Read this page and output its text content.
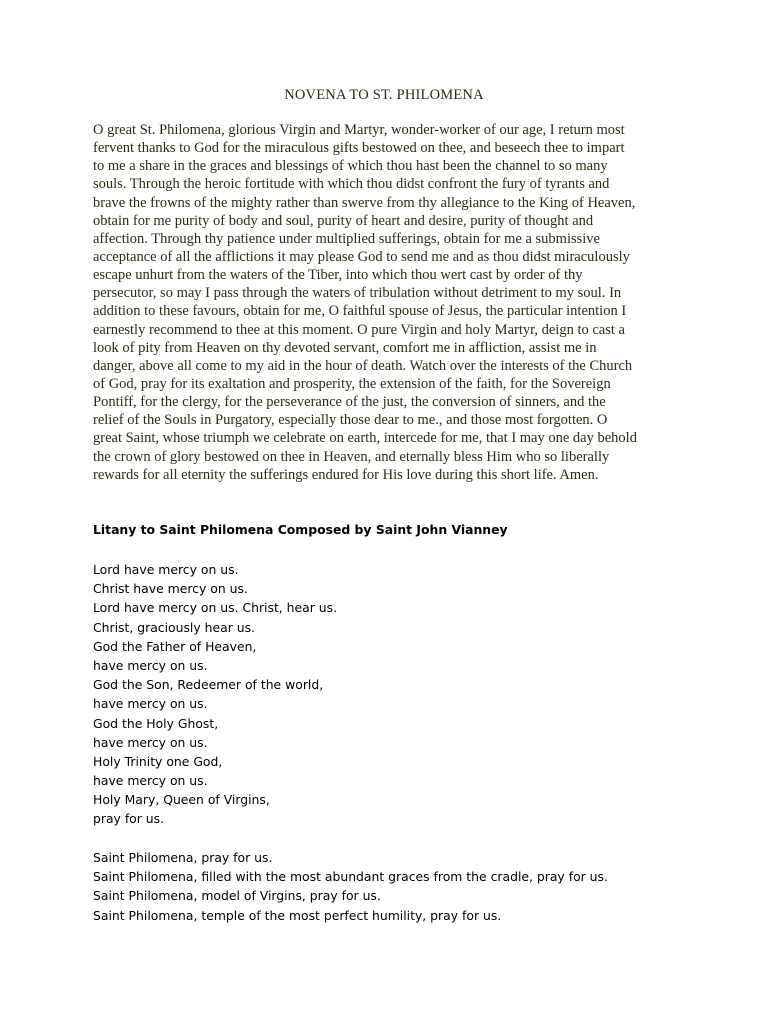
NOVENA TO ST. PHILOMENA
O great St. Philomena, glorious Virgin and Martyr, wonder-worker of our age, I return most
fervent thanks to God for the miraculous gifts bestowed on thee, and beseech thee to impart
to me a share in the graces and blessings of which thou hast been the channel to so many
souls. Through the heroic fortitude with which thou didst confront the fury of tyrants and
brave the frowns of the mighty rather than swerve from thy allegiance to the King of Heaven,
obtain for me purity of body and soul, purity of heart and desire, purity of thought and
affection. Through thy patience under multiplied sufferings, obtain for me a submissive
acceptance of all the afflictions it may please God to send me and as thou didst miraculously
escape unhurt from the waters of the Tiber, into which thou wert cast by order of thy
persecutor, so may I pass through the waters of tribulation without detriment to my soul. In
addition to these favours, obtain for me, O faithful spouse of Jesus, the particular intention I
earnestly recommend to thee at this moment. O pure Virgin and holy Martyr, deign to cast a
look of pity from Heaven on thy devoted servant, comfort me in affliction, assist me in
danger, above all come to my aid in the hour of death. Watch over the interests of the Church
of God, pray for its exaltation and prosperity, the extension of the faith, for the Sovereign
Pontiff, for the clergy, for the perseverance of the just, the conversion of sinners, and the
relief of the Souls in Purgatory, especially those dear to me., and those most forgotten. O
great Saint, whose triumph we celebrate on earth, intercede for me, that I may one day behold
the crown of glory bestowed on thee in Heaven, and eternally bless Him who so liberally
rewards for all eternity the sufferings endured for His love during this short life. Amen.
Litany to Saint Philomena Composed by Saint John Vianney
Lord have mercy on us.
Christ have mercy on us.
Lord have mercy on us. Christ, hear us.
Christ, graciously hear us.
God the Father of Heaven,
have mercy on us.
God the Son, Redeemer of the world,
have mercy on us.
God the Holy Ghost,
have mercy on us.
Holy Trinity one God,
have mercy on us.
Holy Mary, Queen of Virgins,
pray for us.
Saint Philomena, pray for us.
Saint Philomena, filled with the most abundant graces from the cradle, pray for us.
Saint Philomena, model of Virgins, pray for us.
Saint Philomena, temple of the most perfect humility, pray for us.
